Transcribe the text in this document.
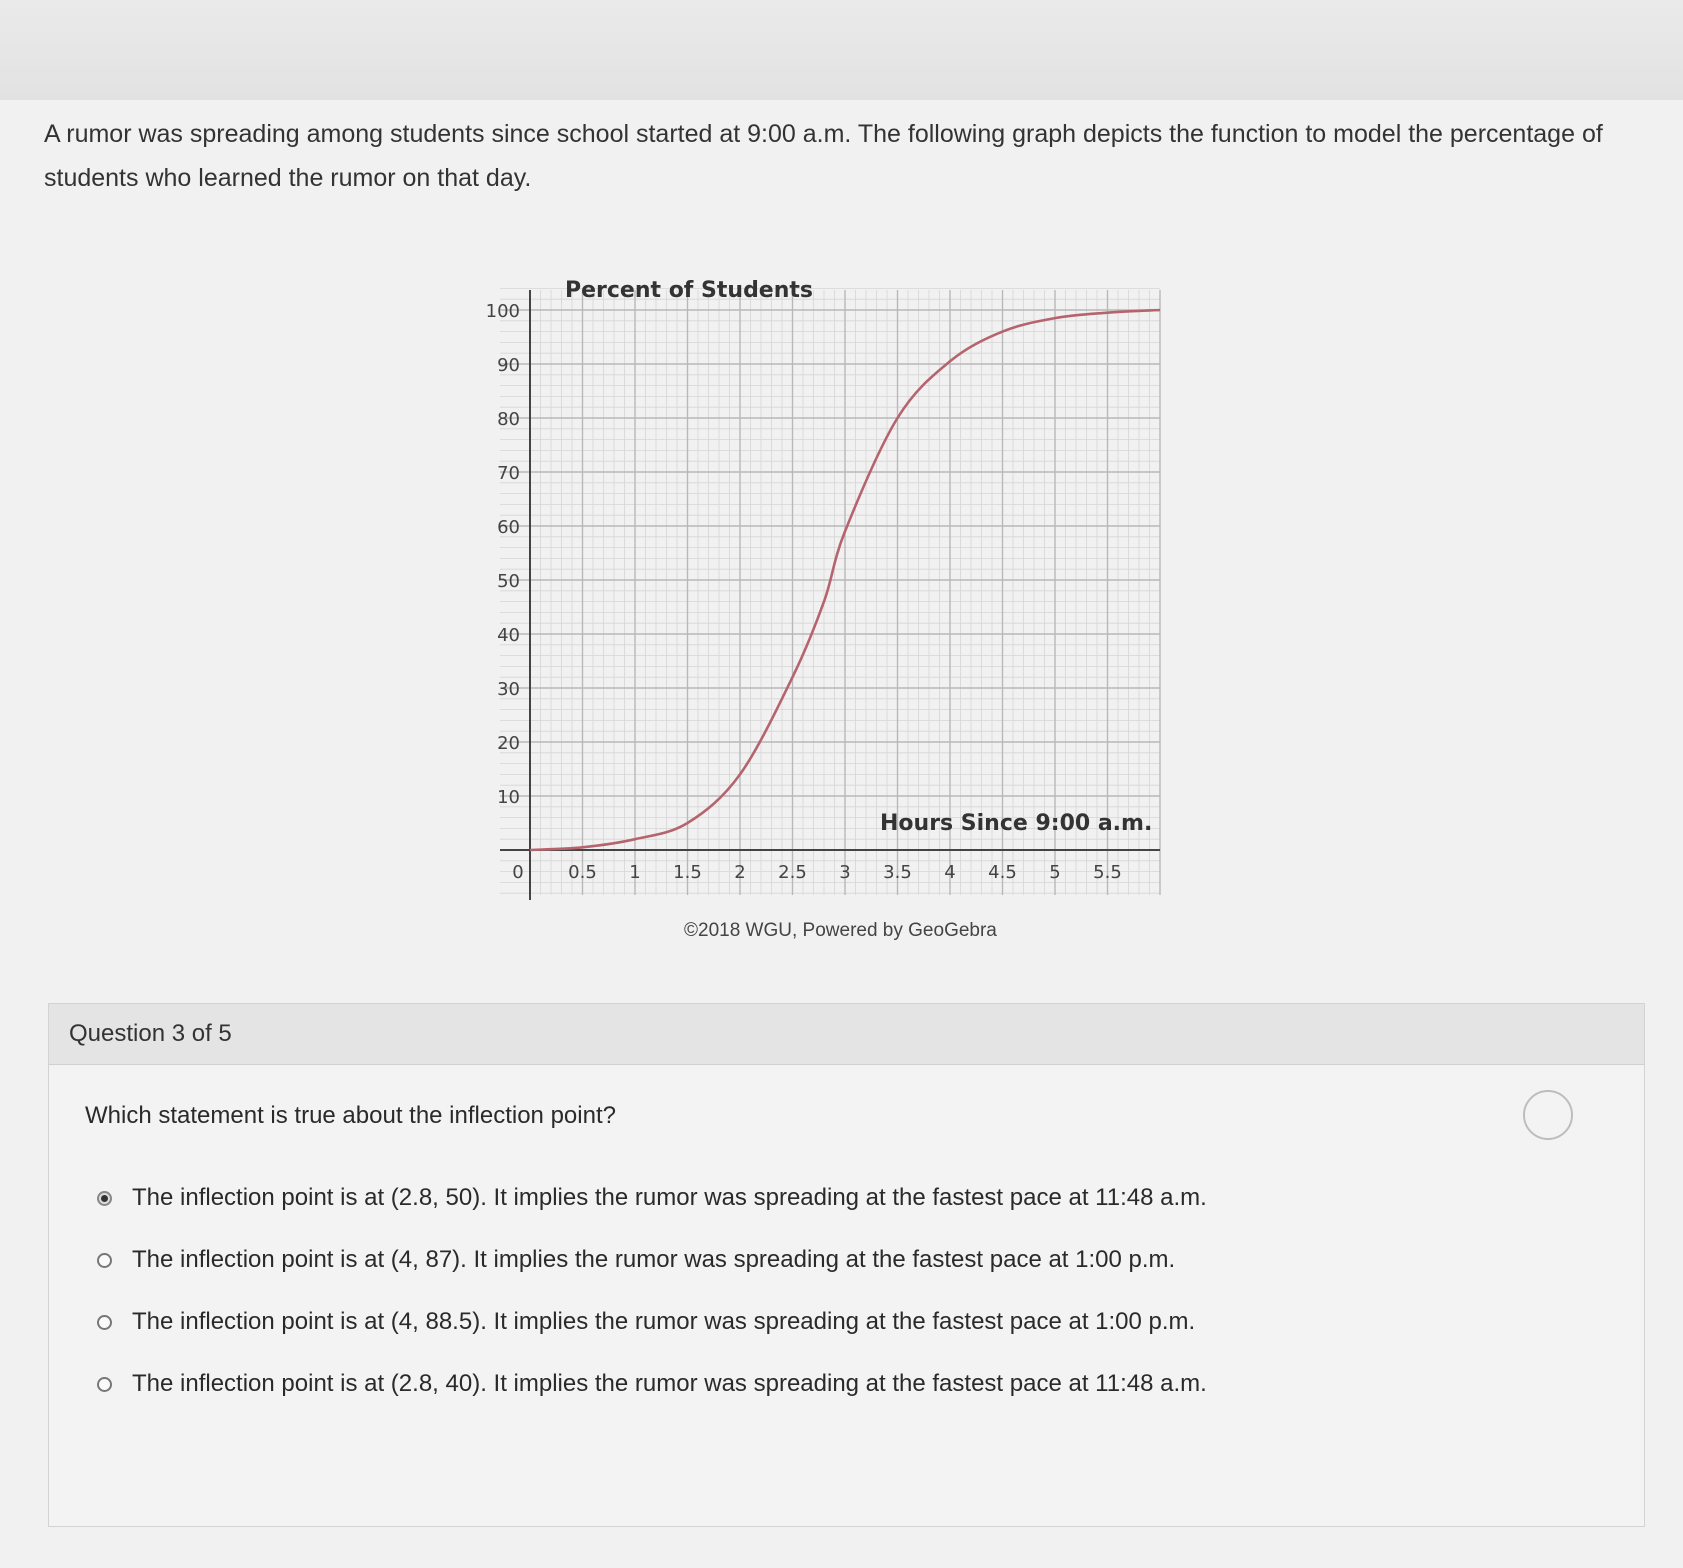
A rumor was spreading among students since school started at 9:00 a.m. The following graph depicts the function to model the percentage of students who learned the rumor on that day.
10
20
30
40
50
60
70
80
90
100
0 0.5 1 1.5 2 2.5 3 3.5 4 4.5 5 5.5
Percent of Students
Hours Since 9:00 a.m.
©2018 WGU, Powered by GeoGebra
Question 3 of 5
Which statement is true about the inflection point?
The inflection point is at (2.8, 50). It implies the rumor was spreading at the fastest pace at 11:48 a.m.
The inflection point is at (4, 87). It implies the rumor was spreading at the fastest pace at 1:00 p.m.
The inflection point is at (4, 88.5). It implies the rumor was spreading at the fastest pace at 1:00 p.m.
The inflection point is at (2.8, 40). It implies the rumor was spreading at the fastest pace at 11:48 a.m.
